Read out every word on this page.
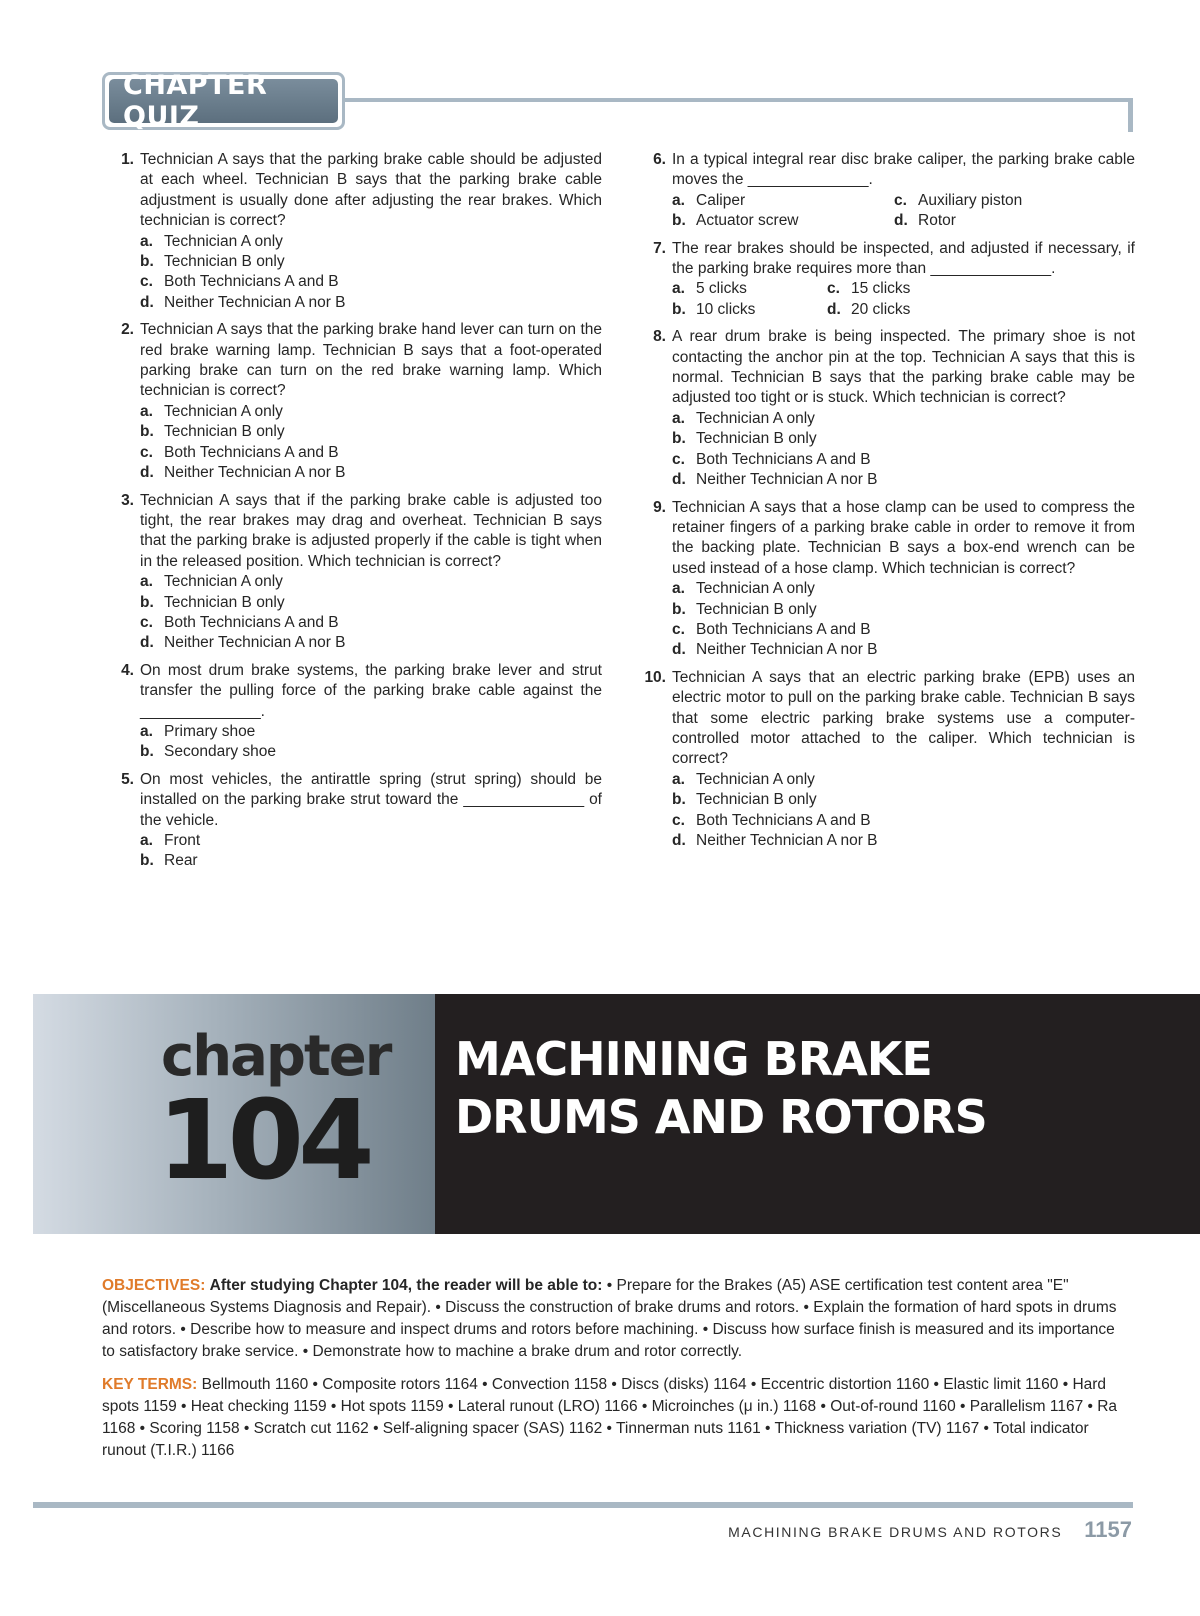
CHAPTER QUIZ
1. Technician A says that the parking brake cable should be adjusted at each wheel. Technician B says that the parking brake cable adjustment is usually done after adjusting the rear brakes. Which technician is correct?
a. Technician A only
b. Technician B only
c. Both Technicians A and B
d. Neither Technician A nor B
2. Technician A says that the parking brake hand lever can turn on the red brake warning lamp. Technician B says that a foot-operated parking brake can turn on the red brake warning lamp. Which technician is correct?
a. Technician A only
b. Technician B only
c. Both Technicians A and B
d. Neither Technician A nor B
3. Technician A says that if the parking brake cable is adjusted too tight, the rear brakes may drag and overheat. Technician B says that the parking brake is adjusted properly if the cable is tight when in the released position. Which technician is correct?
a. Technician A only
b. Technician B only
c. Both Technicians A and B
d. Neither Technician A nor B
4. On most drum brake systems, the parking brake lever and strut transfer the pulling force of the parking brake cable against the ______________.
a. Primary shoe
b. Secondary shoe
5. On most vehicles, the antirattle spring (strut spring) should be installed on the parking brake strut toward the ______________ of the vehicle.
a. Front
b. Rear
6. In a typical integral rear disc brake caliper, the parking brake cable moves the ______________.
a. Caliper	c. Auxiliary piston
b. Actuator screw	d. Rotor
7. The rear brakes should be inspected, and adjusted if necessary, if the parking brake requires more than ______________.
a. 5 clicks	c. 15 clicks
b. 10 clicks	d. 20 clicks
8. A rear drum brake is being inspected. The primary shoe is not contacting the anchor pin at the top. Technician A says that this is normal. Technician B says that the parking brake cable may be adjusted too tight or is stuck. Which technician is correct?
a. Technician A only
b. Technician B only
c. Both Technicians A and B
d. Neither Technician A nor B
9. Technician A says that a hose clamp can be used to compress the retainer fingers of a parking brake cable in order to remove it from the backing plate. Technician B says a box-end wrench can be used instead of a hose clamp. Which technician is correct?
a. Technician A only
b. Technician B only
c. Both Technicians A and B
d. Neither Technician A nor B
10. Technician A says that an electric parking brake (EPB) uses an electric motor to pull on the parking brake cable. Technician B says that some electric parking brake systems use a computer-controlled motor attached to the caliper. Which technician is correct?
a. Technician A only
b. Technician B only
c. Both Technicians A and B
d. Neither Technician A nor B
chapter
104
MACHINING BRAKE
DRUMS AND ROTORS
OBJECTIVES: After studying Chapter 104, the reader will be able to: • Prepare for the Brakes (A5) ASE certification test content area "E" (Miscellaneous Systems Diagnosis and Repair). • Discuss the construction of brake drums and rotors. • Explain the formation of hard spots in drums and rotors. • Describe how to measure and inspect drums and rotors before machining. • Discuss how surface finish is measured and its importance to satisfactory brake service. • Demonstrate how to machine a brake drum and rotor correctly.
KEY TERMS: Bellmouth 1160 • Composite rotors 1164 • Convection 1158 • Discs (disks) 1164 • Eccentric distortion 1160 • Elastic limit 1160 • Hard spots 1159 • Heat checking 1159 • Hot spots 1159 • Lateral runout (LRO) 1166 • Microinches (μ in.) 1168 • Out-of-round 1160 • Parallelism 1167 • Ra 1168 • Scoring 1158 • Scratch cut 1162 • Self-aligning spacer (SAS) 1162 • Tinnerman nuts 1161 • Thickness variation (TV) 1167 • Total indicator runout (T.I.R.) 1166
MACHINING BRAKE DRUMS AND ROTORS 1157
